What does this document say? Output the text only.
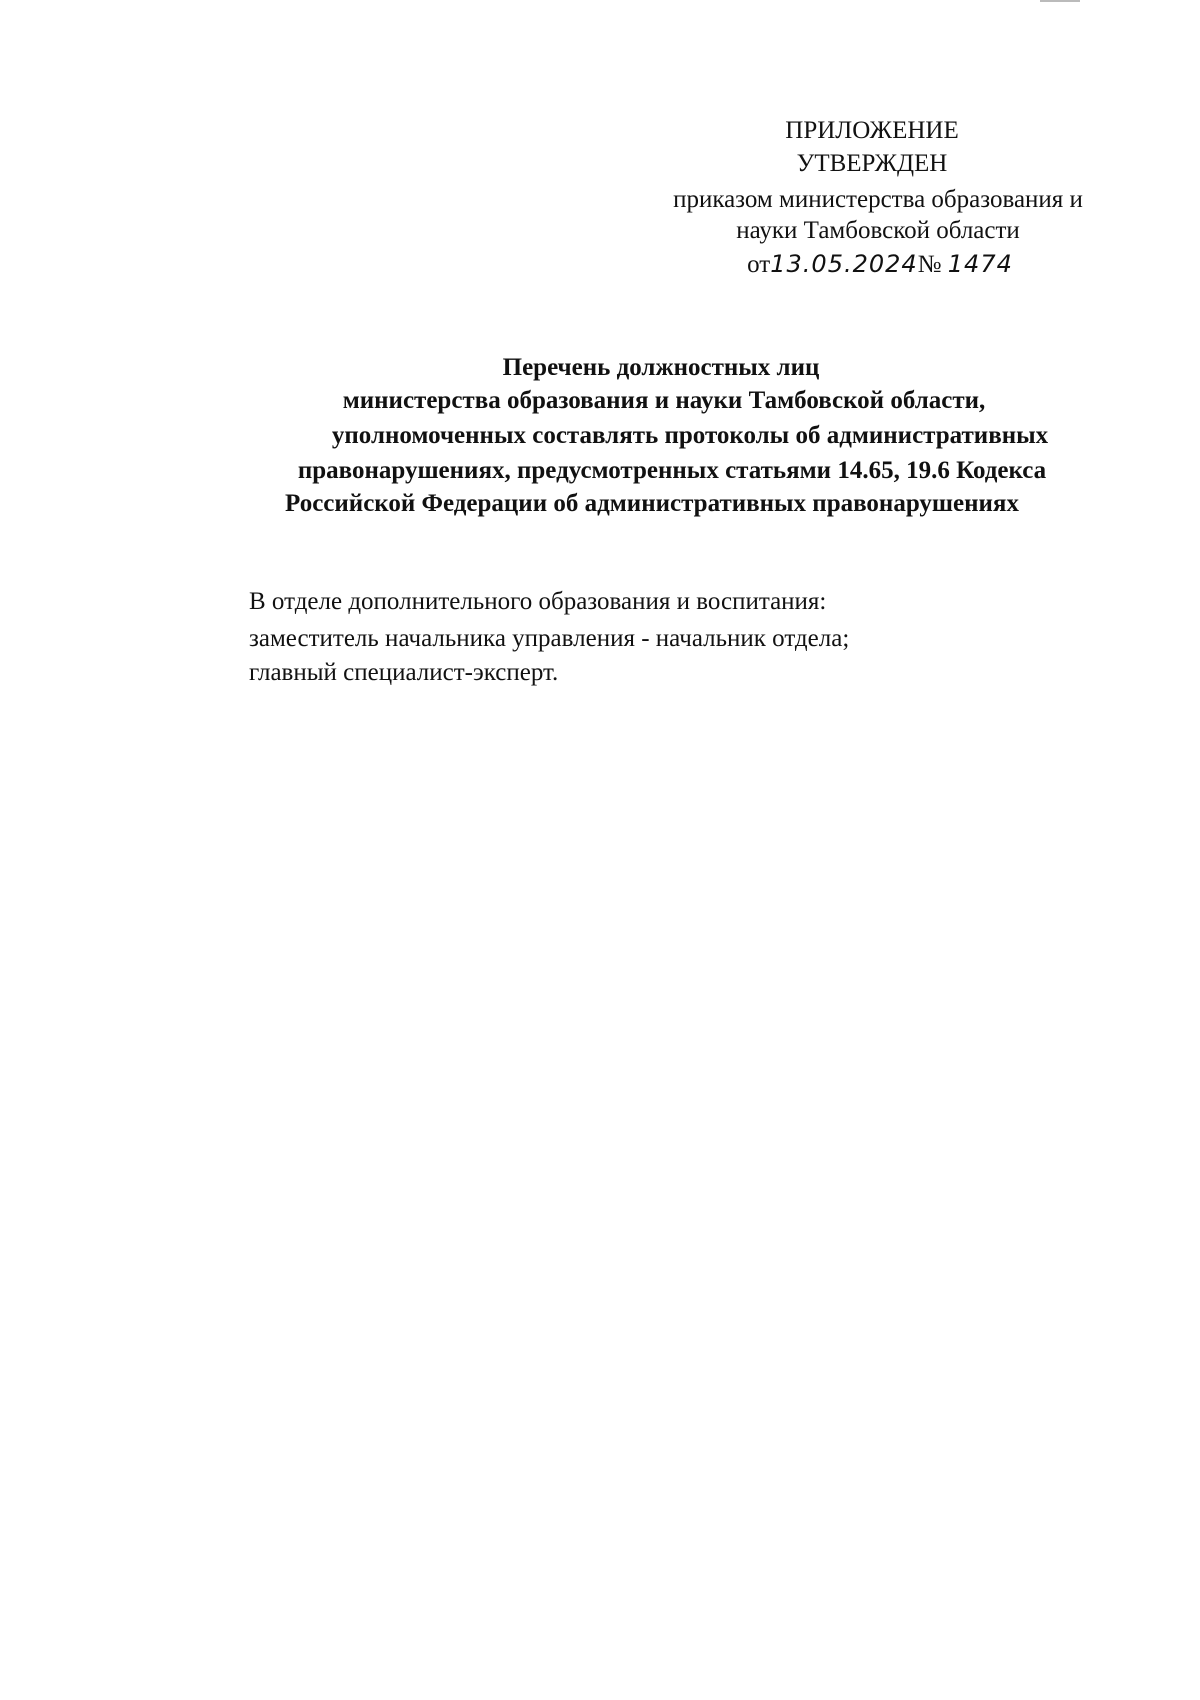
ПРИЛОЖЕНИЕ
УТВЕРЖДЕН
приказом министерства образования и
науки Тамбовской области
от13.05.2024№ 1474
Перечень должностных лиц
министерства образования и науки Тамбовской области,
уполномоченных составлять протоколы об административных
правонарушениях, предусмотренных статьями 14.65, 19.6 Кодекса
Российской Федерации об административных правонарушениях
В отделе дополнительного образования и воспитания:
заместитель начальника управления - начальник отдела;
главный специалист-эксперт.
